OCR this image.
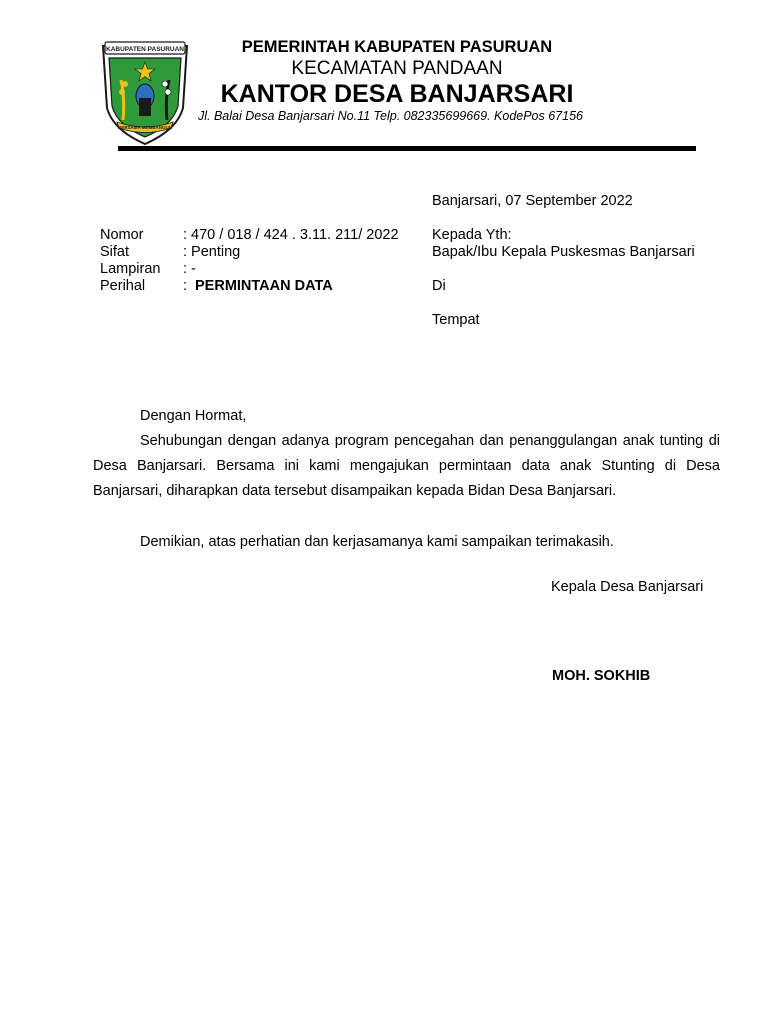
KABUPATEN PASURUAN
BERSAMA MEMBANGUN
PEMERINTAH KABUPATEN PASURUAN
KECAMATAN PANDAAN
KANTOR DESA BANJARSARI
Jl. Balai Desa Banjarsari No.11 Telp. 082335699669. KodePos 67156
Banjarsari, 07 September 2022
Nomor	: 470 / 018 / 424 . 3.11. 211/ 2022
Sifat	: Penting
Lampiran : -
Perihal	: PERMINTAAN DATA
Kepada Yth:
Bapak/Ibu Kepala Puskesmas Banjarsari
Di
Tempat
Dengan Hormat,
Sehubungan dengan adanya program pencegahan dan penanggulangan anak tunting di Desa Banjarsari. Bersama ini kami mengajukan permintaan data anak Stunting di Desa Banjarsari, diharapkan data tersebut disampaikan kepada Bidan Desa Banjarsari.
Demikian, atas perhatian dan kerjasamanya kami sampaikan terimakasih.
Kepala Desa Banjarsari
MOH. SOKHIB
